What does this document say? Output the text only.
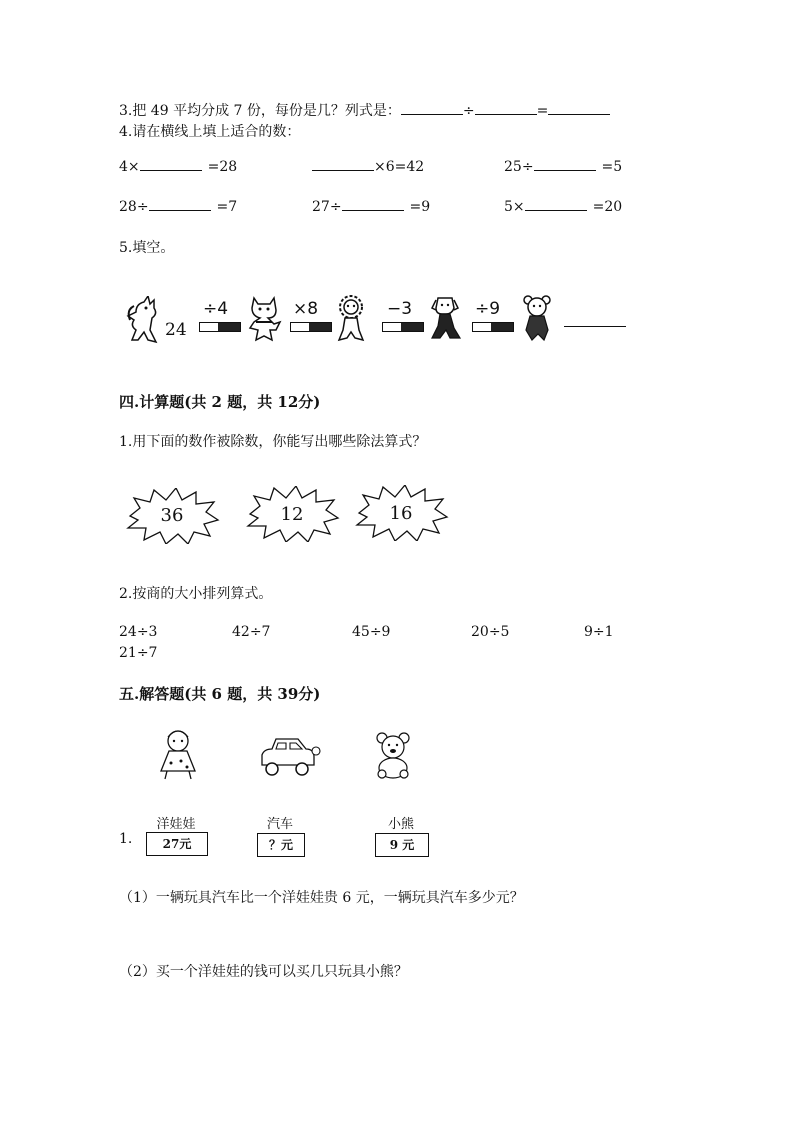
3.把 49 平均分成 7 份，每份是几？列式是：	÷	=
4.请在横线上填上适合的数：
4×	=28	×6=42	25÷	=5
28÷	=7	27÷	=9	5×	=20
5.填空。
24
÷4	×8	−3	÷9
四.计算题(共 2 题，共 12分)
1.用下面的数作被除数，你能写出哪些除法算式？
36	12	16
2.按商的大小排列算式。
24÷3	42÷7	45÷9	20÷5	9÷1
21÷7
五.解答题(共 6 题，共 39分)
1.
洋娃娃
27元
汽车
？元
小熊
9 元
（1）一辆玩具汽车比一个洋娃娃贵 6 元，一辆玩具汽车多少元？
（2）买一个洋娃娃的钱可以买几只玩具小熊？
